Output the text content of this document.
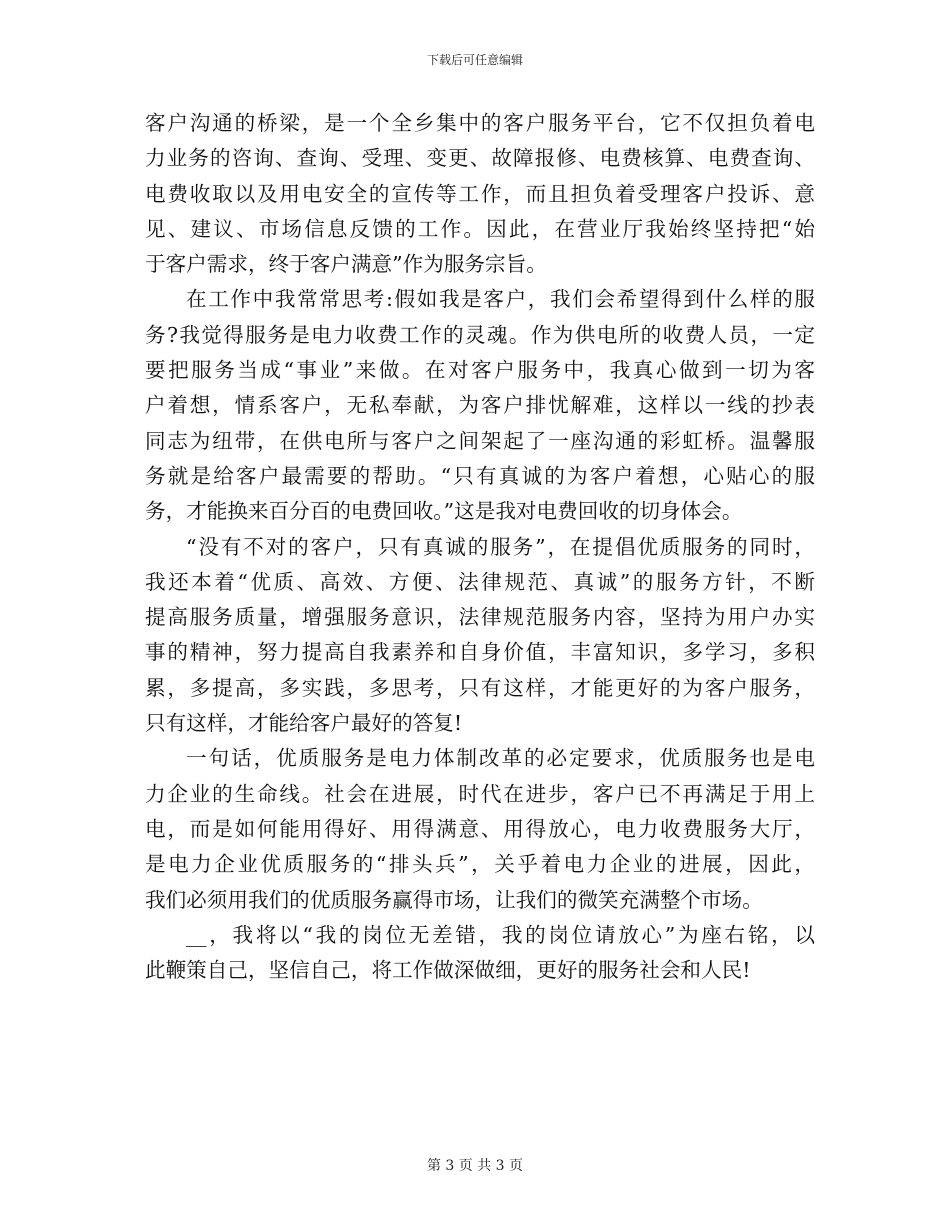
下载后可任意编辑
客户沟通的桥梁，是一个全乡集中的客户服务平台，它不仅担负着电
力业务的咨询、查询、受理、变更、故障报修、电费核算、电费查询、
电费收取以及用电安全的宣传等工作，而且担负着受理客户投诉、意
见、建议、市场信息反馈的工作。因此，在营业厅我始终坚持把“始
于客户需求，终于客户满意”作为服务宗旨。
在工作中我常常思考:假如我是客户，我们会希望得到什么样的服
务?我觉得服务是电力收费工作的灵魂。作为供电所的收费人员，一定
要把服务当成“事业”来做。在对客户服务中，我真心做到一切为客
户着想，情系客户，无私奉献，为客户排忧解难，这样以一线的抄表
同志为纽带，在供电所与客户之间架起了一座沟通的彩虹桥。温馨服
务就是给客户最需要的帮助。“只有真诚的为客户着想，心贴心的服
务，才能换来百分百的电费回收。”这是我对电费回收的切身体会。
“没有不对的客户，只有真诚的服务”，在提倡优质服务的同时，
我还本着“优质、高效、方便、法律规范、真诚”的服务方针，不断
提高服务质量，增强服务意识，法律规范服务内容，坚持为用户办实
事的精神，努力提高自我素养和自身价值，丰富知识，多学习，多积
累，多提高，多实践，多思考，只有这样，才能更好的为客户服务，
只有这样，才能给客户最好的答复!
一句话，优质服务是电力体制改革的必定要求，优质服务也是电
力企业的生命线。社会在进展，时代在进步，客户已不再满足于用上
电，而是如何能用得好、用得满意、用得放心，电力收费服务大厅，
是电力企业优质服务的“排头兵”，关乎着电力企业的进展，因此，
我们必须用我们的优质服务赢得市场，让我们的微笑充满整个市场。
__，我将以“我的岗位无差错，我的岗位请放心”为座右铭，以
此鞭策自己，坚信自己，将工作做深做细，更好的服务社会和人民!
第 3 页 共 3 页
